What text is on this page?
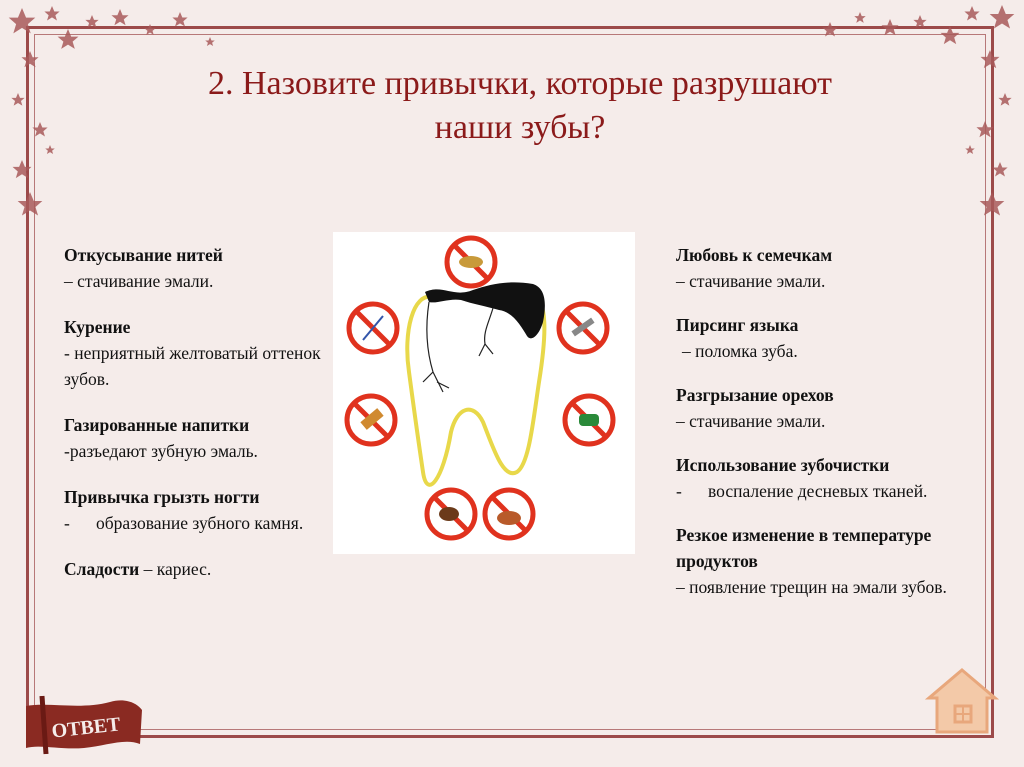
2. Назовите привычки, которые разрушают наши зубы?
Откусывание нитей
– стачивание эмали.
Курение
- неприятный желтоватый оттенок зубов.
Газированные напитки
-разъедают зубную эмаль.
Привычка грызть ногти
-	образование зубного камня.
Сладости – кариес.
Любовь к семечкам
– стачивание эмали.
Пирсинг языка
– поломка зуба.
Разгрызание орехов
– стачивание эмали.
Использование зубочистки
-	воспаление десневых тканей.
Резкое изменение в температуре продуктов
– появление трещин на эмали зубов.
ОТВЕТ
